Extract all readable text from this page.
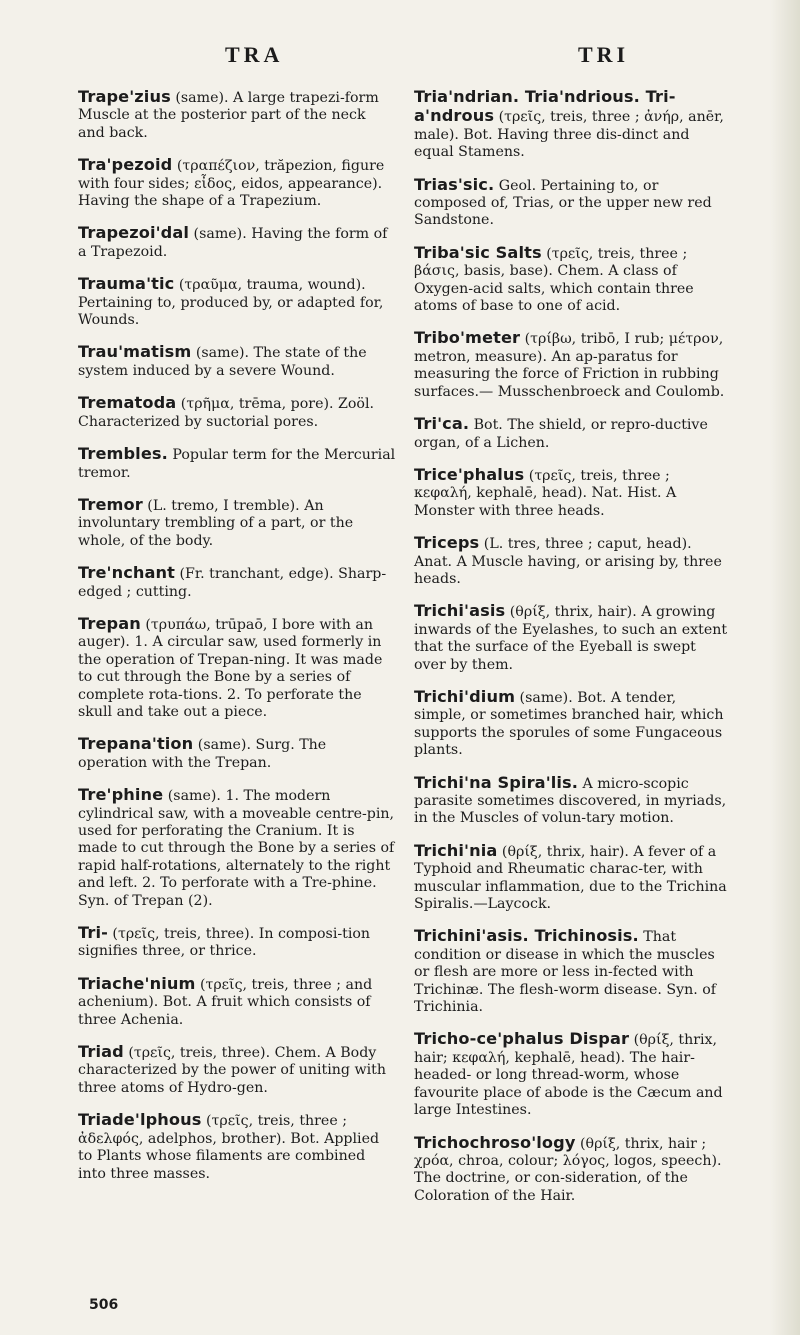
TRA	TRI

Trape'zius (same). A large trapezi-form Muscle at the posterior part of the neck and back.

Tra'pezoid (τραπέζιον, trăpezion, figure with four sides; εἶδος, eidos, appearance). Having the shape of a Trapezium.

Trapezoi'dal (same). Having the form of a Trapezoid.

Trauma'tic (τραῦμα, trauma, wound). Pertaining to, produced by, or adapted for, Wounds.

Trau'matism (same). The state of the system induced by a severe Wound.

Trematoda (τρῆμα, trēma, pore). Zoöl. Characterized by suctorial pores.

Trembles. Popular term for the Mercurial tremor.

Tremor (L. tremo, I tremble). An involuntary trembling of a part, or the whole, of the body.

Tre'nchant (Fr. tranchant, edge). Sharp-edged ; cutting.

Trepan (τρυπάω, trūpaō, I bore with an auger). 1. A circular saw, used formerly in the operation of Trepan-ning. It was made to cut through the Bone by a series of complete rota-tions. 2. To perforate the skull and take out a piece.

Trepana'tion (same). Surg. The operation with the Trepan.

Tre'phine (same). 1. The modern cylindrical saw, with a moveable centre-pin, used for perforating the Cranium. It is made to cut through the Bone by a series of rapid half-rotations, alternately to the right and left. 2. To perforate with a Tre-phine. Syn. of Trepan (2).

Tri- (τρεῖς, treis, three). In composi-tion signifies three, or thrice.

Triache'nium (τρεῖς, treis, three ; and achenium). Bot. A fruit which consists of three Achenia.

Triad (τρεῖς, treis, three). Chem. A Body characterized by the power of uniting with three atoms of Hydro-gen.

Triade'lphous (τρεῖς, treis, three ; ἀδελφός, adelphos, brother). Bot. Applied to Plants whose filaments are combined into three masses.

Tria'ndrian. Tria'ndrious. Tri-a'ndrous (τρεῖς, treis, three ; ἀνήρ, anēr, male). Bot. Having three dis-dinct and equal Stamens.

Trias'sic. Geol. Pertaining to, or composed of, Trias, or the upper new red Sandstone.

Triba'sic Salts (τρεῖς, treis, three ; βάσις, basis, base). Chem. A class of Oxygen-acid salts, which contain three atoms of base to one of acid.

Tribo'meter (τρίβω, tribō, I rub; μέτρον, metron, measure). An ap-paratus for measuring the force of Friction in rubbing surfaces.— Musschenbroeck and Coulomb.

Tri'ca. Bot. The shield, or repro-ductive organ, of a Lichen.

Trice'phalus (τρεῖς, treis, three ; κεφαλή, kephalē, head). Nat. Hist. A Monster with three heads.

Triceps (L. tres, three ; caput, head). Anat. A Muscle having, or arising by, three heads.

Trichi'asis (θρίξ, thrix, hair). A growing inwards of the Eyelashes, to such an extent that the surface of the Eyeball is swept over by them.

Trichi'dium (same). Bot. A tender, simple, or sometimes branched hair, which supports the sporules of some Fungaceous plants.

Trichi'na Spira'lis. A micro-scopic parasite sometimes discovered, in myriads, in the Muscles of volun-tary motion.

Trichi'nia (θρίξ, thrix, hair). A fever of a Typhoid and Rheumatic charac-ter, with muscular inflammation, due to the Trichina Spiralis.—Laycock.

Trichini'asis. Trichinosis. That condition or disease in which the muscles or flesh are more or less in-fected with Trichinæ. The flesh-worm disease. Syn. of Trichinia.

Tricho-ce'phalus Dispar (θρίξ, thrix, hair; κεφαλή, kephalē, head). The hair-headed- or long thread-worm, whose favourite place of abode is the Cæcum and large Intestines.

Trichochroso'logy (θρίξ, thrix, hair ; χρόα, chroa, colour; λόγος, logos, speech). The doctrine, or con-sideration, of the Coloration of the Hair.

506
